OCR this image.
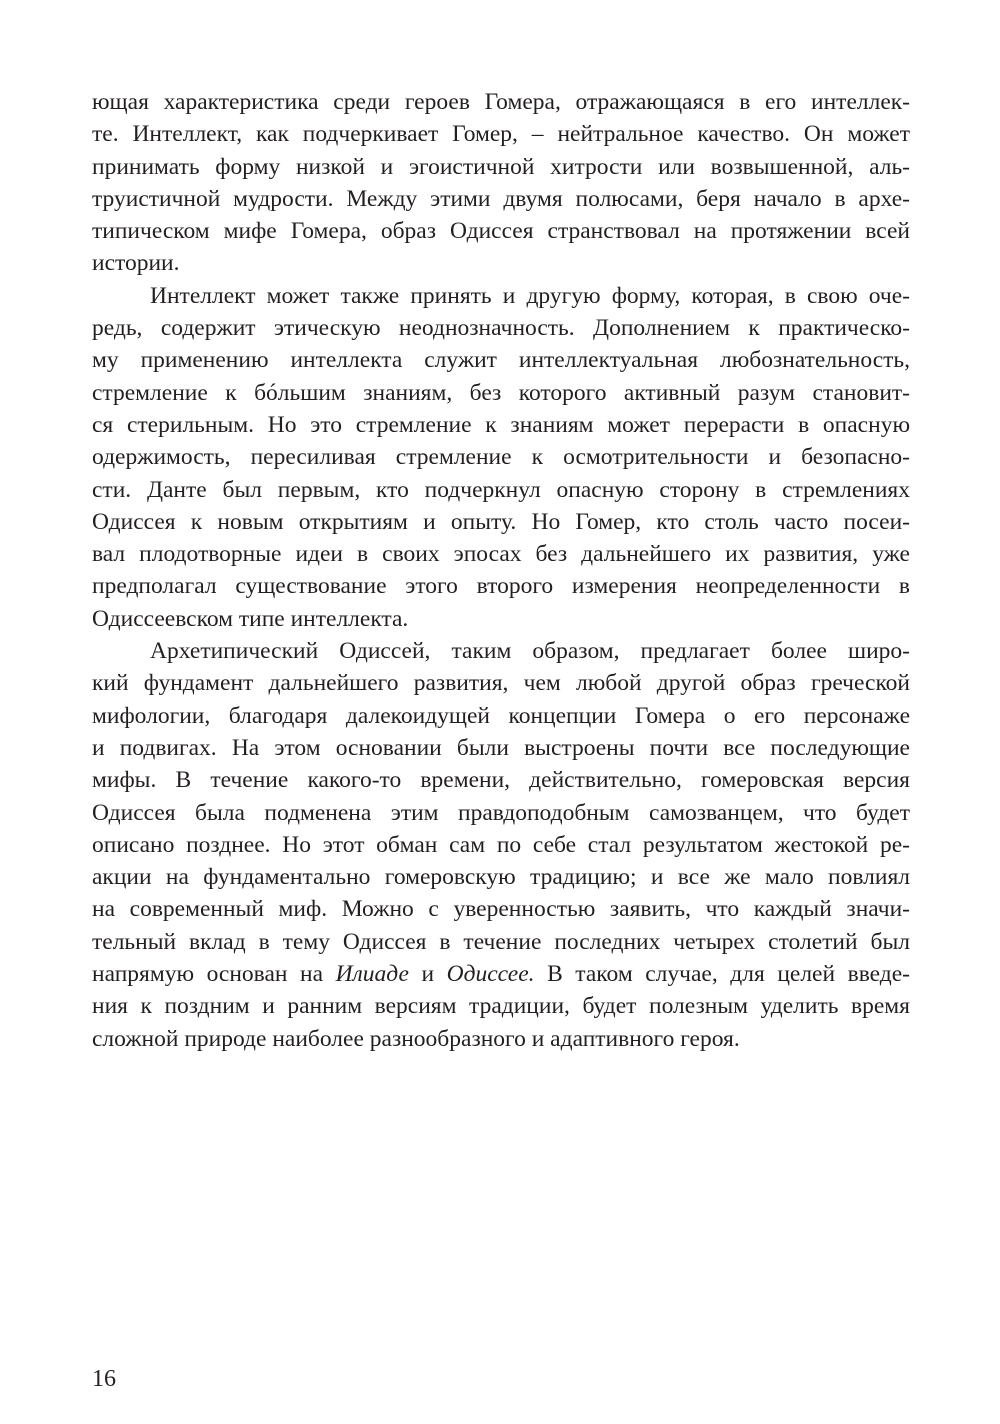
ющая характеристика среди героев Гомера, отражающаяся в его интеллек-
те. Интеллект, как подчеркивает Гомер, – нейтральное качество. Он может
принимать форму низкой и эгоистичной хитрости или возвышенной, аль-
труистичной мудрости. Между этими двумя полюсами, беря начало в архе-
типическом мифе Гомера, образ Одиссея странствовал на протяжении всей
истории.
Интеллект может также принять и другую форму, которая, в свою оче-
редь, содержит этическую неоднозначность. Дополнением к практическо-
му применению интеллекта служит интеллектуальная любознательность,
стремление к бóльшим знаниям, без которого активный разум становит-
ся стерильным. Но это стремление к знаниям может перерасти в опасную
одержимость, пересиливая стремление к осмотрительности и безопасно-
сти. Данте был первым, кто подчеркнул опасную сторону в стремлениях
Одиссея к новым открытиям и опыту. Но Гомер, кто столь часто посеи-
вал плодотворные идеи в своих эпосах без дальнейшего их развития, уже
предполагал существование этого второго измерения неопределенности в
Одиссеевском типе интеллекта.
Архетипический Одиссей, таким образом, предлагает более широ-
кий фундамент дальнейшего развития, чем любой другой образ греческой
мифологии, благодаря далекоидущей концепции Гомера о его персонаже
и подвигах. На этом основании были выстроены почти все последующие
мифы. В течение какого-то времени, действительно, гомеровская версия
Одиссея была подменена этим правдоподобным самозванцем, что будет
описано позднее. Но этот обман сам по себе стал результатом жестокой ре-
акции на фундаментально гомеровскую традицию; и все же мало повлиял
на современный миф. Можно с уверенностью заявить, что каждый значи-
тельный вклад в тему Одиссея в течение последних четырех столетий был
напрямую основан на Илиаде и Одиссее. В таком случае, для целей введе-
ния к поздним и ранним версиям традиции, будет полезным уделить время
сложной природе наиболее разнообразного и адаптивного героя.
16
